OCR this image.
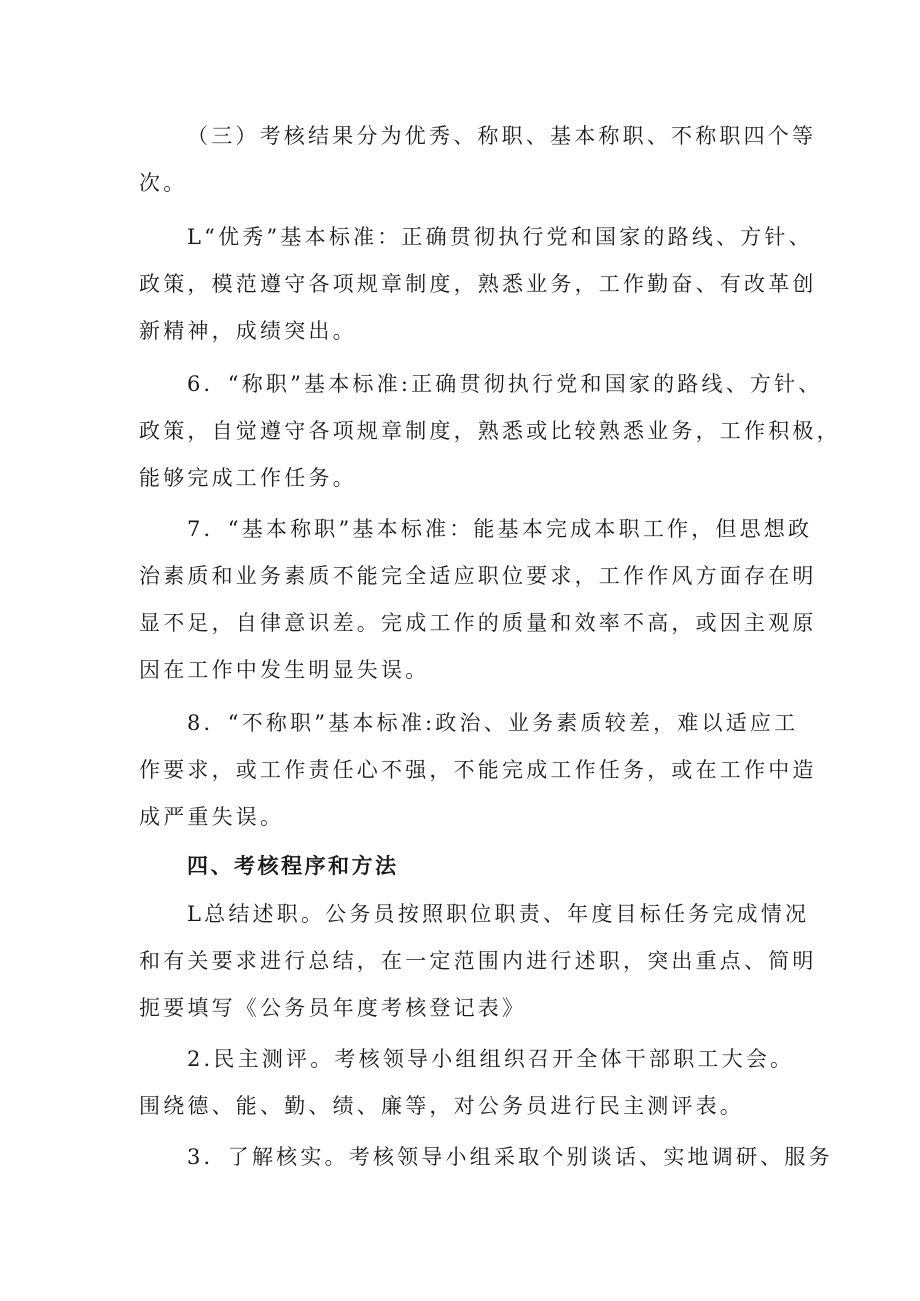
（三）考核结果分为优秀、称职、基本称职、不称职四个等
次。

L“优秀”基本标准：正确贯彻执行党和国家的路线、方针、
政策，模范遵守各项规章制度，熟悉业务，工作勤奋、有改革创
新精神，成绩突出。

6．“称职”基本标准:正确贯彻执行党和国家的路线、方针、
政策，自觉遵守各项规章制度，熟悉或比较熟悉业务，工作积极，
能够完成工作任务。

7．“基本称职”基本标准：能基本完成本职工作，但思想政
治素质和业务素质不能完全适应职位要求，工作作风方面存在明
显不足，自律意识差。完成工作的质量和效率不高，或因主观原
因在工作中发生明显失误。

8．“不称职”基本标准:政治、业务素质较差，难以适应工
作要求，或工作责任心不强，不能完成工作任务，或在工作中造
成严重失误。

四、考核程序和方法

L总结述职。公务员按照职位职责、年度目标任务完成情况
和有关要求进行总结，在一定范围内进行述职，突出重点、简明
扼要填写《公务员年度考核登记表》

2.民主测评。考核领导小组组织召开全体干部职工大会。
围绕德、能、勤、绩、廉等，对公务员进行民主测评表。

3．了解核实。考核领导小组采取个别谈话、实地调研、服务
